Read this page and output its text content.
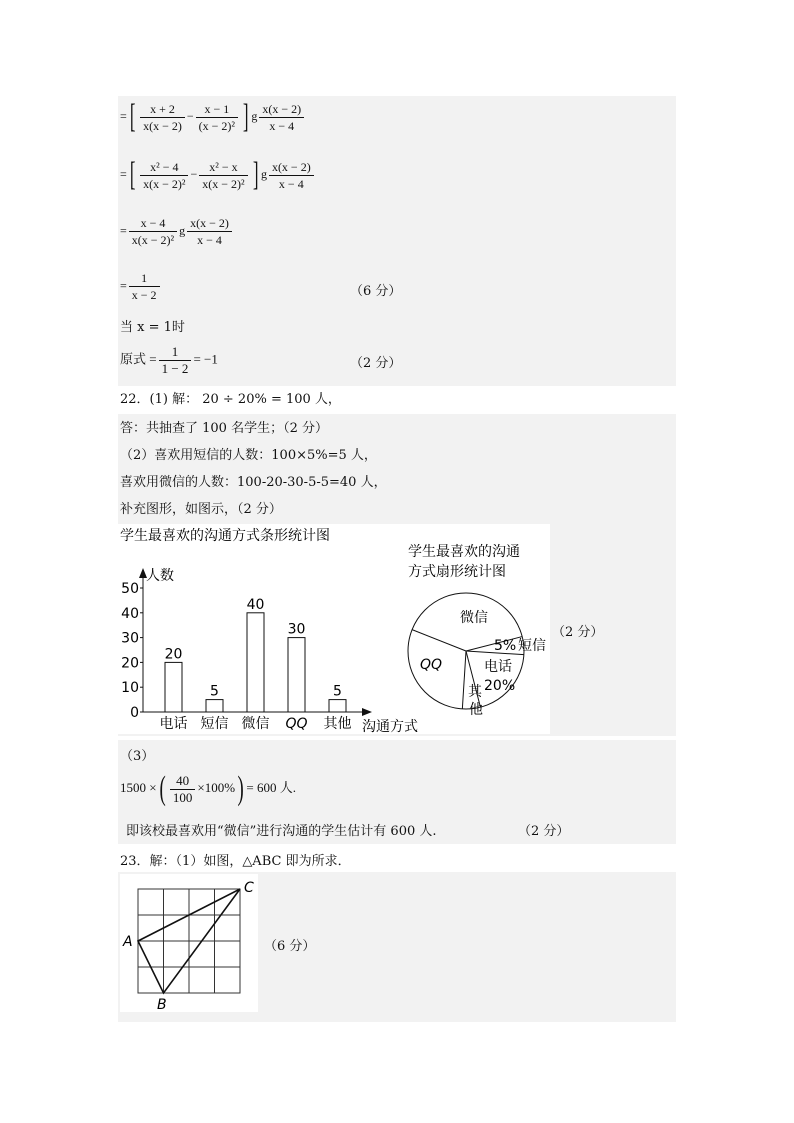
=[ $\frac{x + 2}{x(x - 2)} - \frac{x - 1}{\text{(x − 2)²}}$ ] g $\frac{x(x - 2)}{x - 4}$
=[ $\frac{\text{x² − 4}}{\text{x(x − 2)²}} - \frac{\text{x² − x}}{\text{x(x − 2)²}}$ ] g $\frac{x(x - 2)}{x - 4}$
= $\frac{x - 4}{\text{x(x − 2)²}}$ g $\frac{x(x - 2)}{x - 4}$
= $\frac{1}{x - 2}$	（6 分）
当 x = 1时
原式 = $\frac{1}{1 - 2} = -1$	（2 分）
22．(1) 解： 20 ÷ 20% = 100 人，
答：共抽查了 100 名学生；（2 分）
（2）喜欢用短信的人数：100×5%=5 人，
喜欢用微信的人数：100-20-30-5-5=40 人，
补充图形，如图示，（2 分）
学生最喜欢的沟通方式条形统计图
人数
沟通方式
0
10
20
30
40
50
20
电话
5
短信
40
微信
30
QQ
5
其他
学生最喜欢的沟通
方式扇形统计图
微信
短信
5%
电话
20%
其
他
QQ
（2 分）
（3）
1500 ×( $\frac{40}{100} \times 100\%) = 600$ 人.
即该校最喜欢用“微信”进行沟通的学生估计有 600 人.	（2 分）
23．解：（1）如图，△ABC 即为所求．
A
B
C
（6 分）
